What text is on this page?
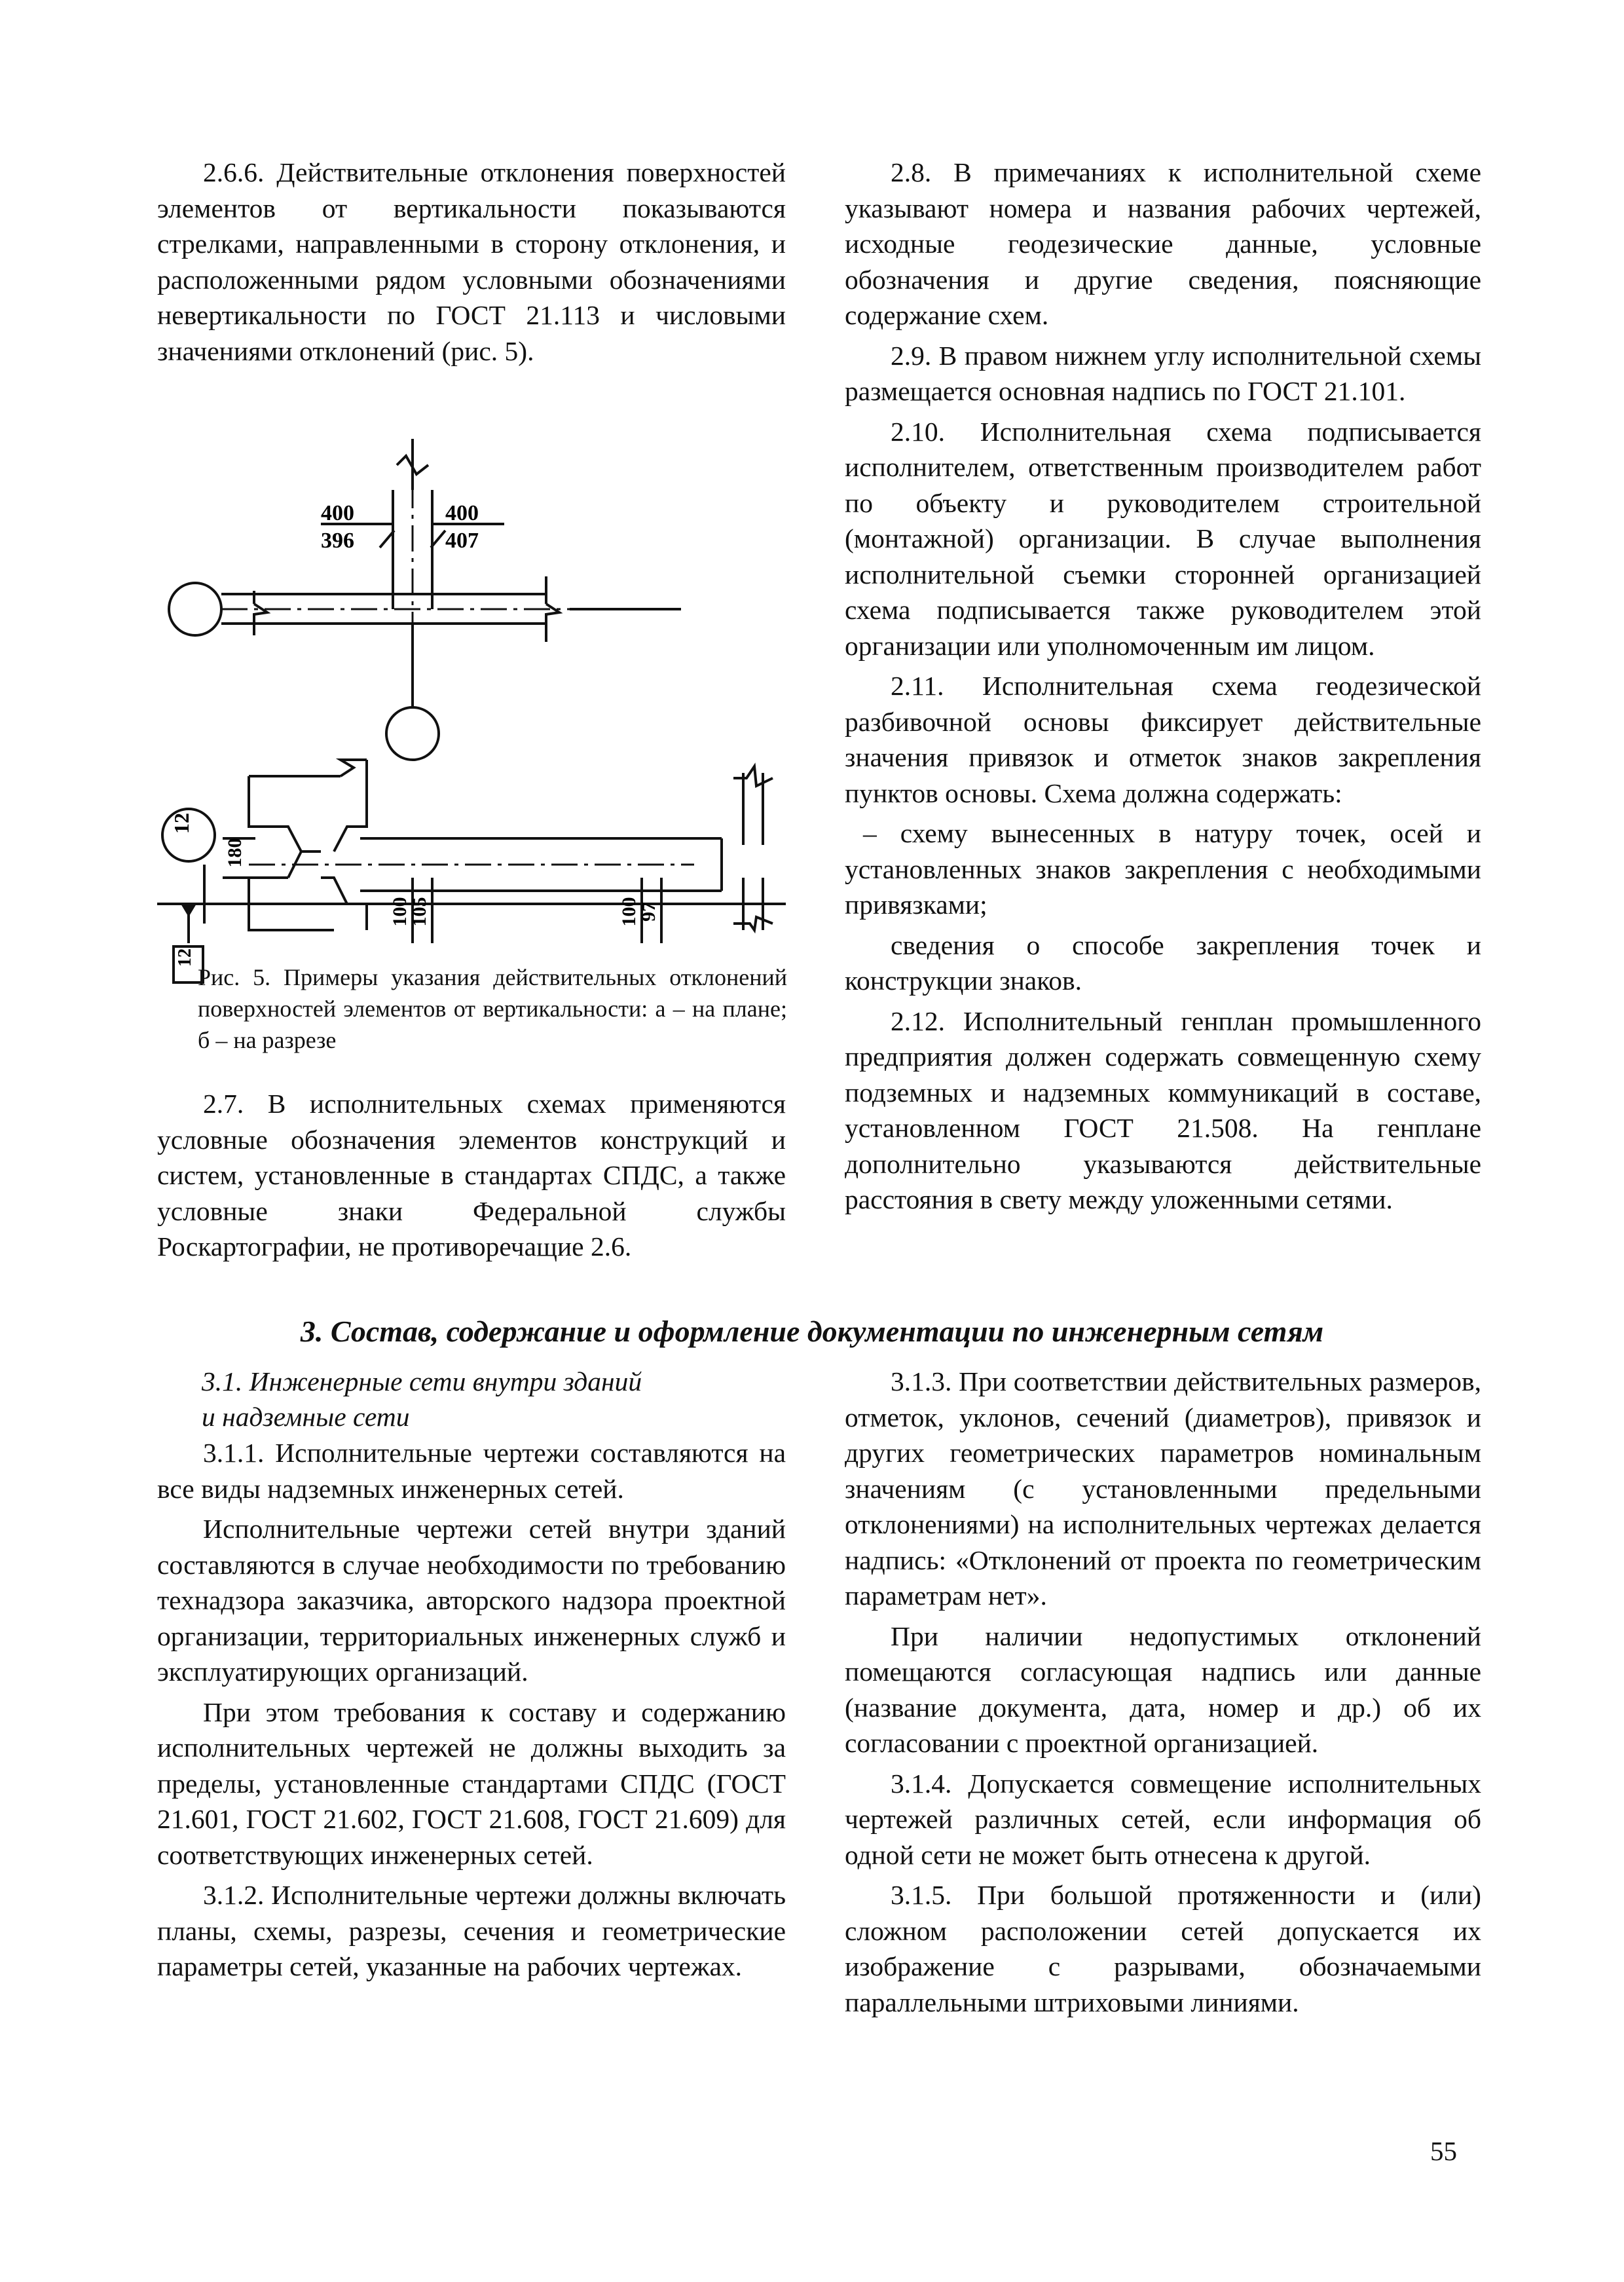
2.6.6. Действительные отклонения поверхностей элементов от вертикальности показываются стрелками, направленными в сторону отклонения, и расположенными рядом условными обозначениями невертикальности по ГОСТ 21.113 и числовыми значениями отклонений (рис. 5).

400
396
400
407
12
180
12
100
105	100
97
Рис. 5. Примеры указания действительных отклонений поверхностей элементов от вертикальности: а – на плане; б – на разрезе

2.7. В исполнительных схемах применяются условные обозначения элементов конструкций и систем, установленные в стандартах СПДС, а также условные знаки Федеральной службы Роскартографии, не противоречащие 2.6.

2.8. В примечаниях к исполнительной схеме указывают номера и названия рабочих чертежей, исходные геодезические данные, условные обозначения и другие сведения, поясняющие содержание схем.

2.9. В правом нижнем углу исполнительной схемы размещается основная надпись по ГОСТ 21.101.

2.10. Исполнительная схема подписывается исполнителем, ответственным производителем работ по объекту и руководителем строительной (монтажной) организации. В случае выполнения исполнительной съемки сторонней организацией схема подписывается также руководителем этой организации или уполномоченным им лицом.

2.11. Исполнительная схема геодезической разбивочной основы фиксирует действительные значения привязок и отметок знаков закрепления пунктов основы. Схема должна содержать:

– схему вынесенных в натуру точек, осей и установленных знаков закрепления с необходимыми привязками;

сведения о способе закрепления точек и конструкции знаков.

2.12. Исполнительный генплан промышленного предприятия должен содержать совмещенную схему подземных и надземных коммуникаций в составе, установленном ГОСТ 21.508. На генплане дополнительно указываются действительные расстояния в свету между уложенными сетями.

3. Состав, содержание и оформление документации по инженерным сетям
3.1. Инженерные сети внутри зданий
и надземные сети

3.1.1. Исполнительные чертежи составляются на все виды надземных инженерных сетей.

Исполнительные чертежи сетей внутри зданий составляются в случае необходимости по требованию технадзора заказчика, авторского надзора проектной организации, территориальных инженерных служб и эксплуатирующих организаций.

При этом требования к составу и содержанию исполнительных чертежей не должны выходить за пределы, установленные стандартами СПДС (ГОСТ 21.601, ГОСТ 21.602, ГОСТ 21.608, ГОСТ 21.609) для соответствующих инженерных сетей.

3.1.2. Исполнительные чертежи должны включать планы, схемы, разрезы, сечения и геометрические параметры сетей, указанные на рабочих чертежах.

3.1.3. При соответствии действительных размеров, отметок, уклонов, сечений (диаметров), привязок и других геометрических параметров номинальным значениям (с установленными предельными отклонениями) на исполнительных чертежах делается надпись: «Отклонений от проекта по геометрическим параметрам нет».

При наличии недопустимых отклонений помещаются согласующая надпись или данные (название документа, дата, номер и др.) об их согласовании с проектной организацией.

3.1.4. Допускается совмещение исполнительных чертежей различных сетей, если информация об одной сети не может быть отнесена к другой.

3.1.5. При большой протяженности и (или) сложном расположении сетей допускается их изображение с разрывами, обозначаемыми параллельными штриховыми линиями.

55
